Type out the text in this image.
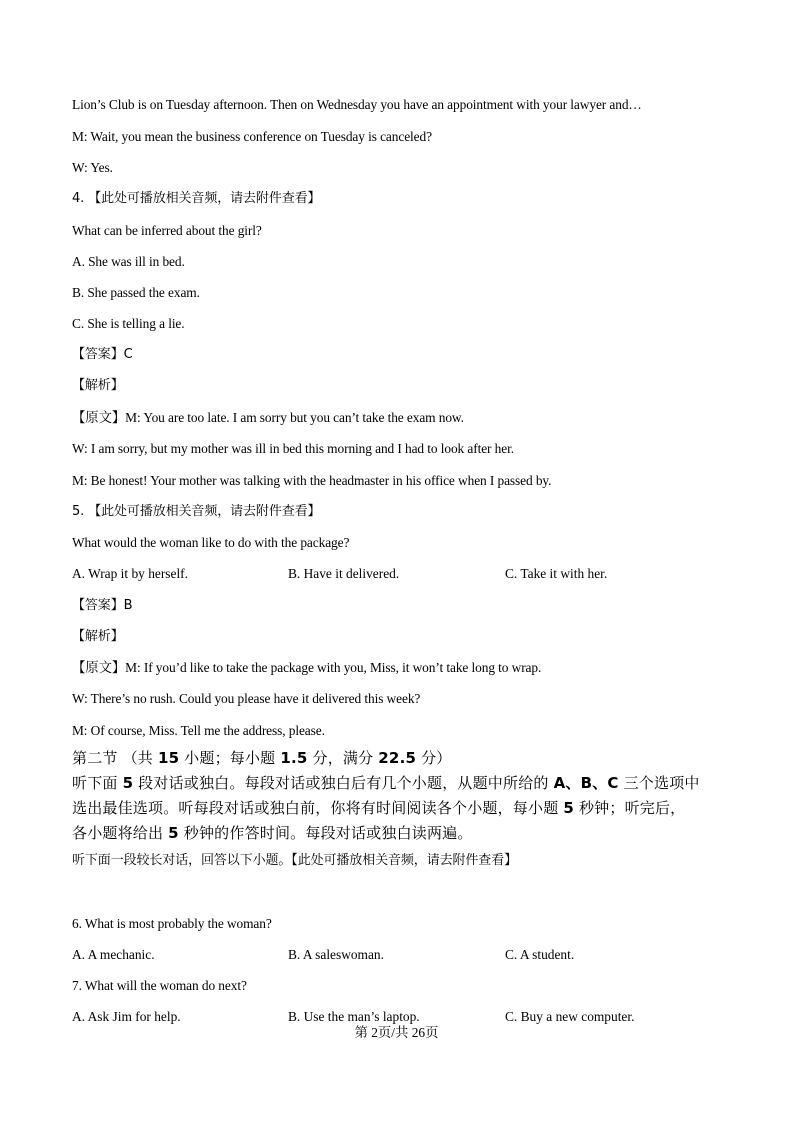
Lion’s Club is on Tuesday afternoon. Then on Wednesday you have an appointment with your lawyer and…
M: Wait, you mean the business conference on Tuesday is canceled?
W: Yes.
4. 【此处可播放相关音频，请去附件查看】
What can be inferred about the girl?
A. She was ill in bed.
B. She passed the exam.
C. She is telling a lie.
【答案】C
【解析】
【原文】M: You are too late. I am sorry but you can’t take the exam now.
W: I am sorry, but my mother was ill in bed this morning and I had to look after her.
M: Be honest! Your mother was talking with the headmaster in his office when I passed by.
5. 【此处可播放相关音频，请去附件查看】
What would the woman like to do with the package?
A. Wrap it by herself.	B. Have it delivered.	C. Take it with her.
【答案】B
【解析】
【原文】M: If you’d like to take the package with you, Miss, it won’t take long to wrap.
W: There’s no rush. Could you please have it delivered this week?
M: Of course, Miss. Tell me the address, please.
第二节 （共 15 小题；每小题 1.5 分，满分 22.5 分）
听下面 5 段对话或独白。每段对话或独白后有几个小题，从题中所给的 A、B、C 三个选项中
选出最佳选项。听每段对话或独白前，你将有时间阅读各个小题，每小题 5 秒钟；听完后，
各小题将给出 5 秒钟的作答时间。每段对话或独白读两遍。
听下面一段较长对话，回答以下小题。【此处可播放相关音频，请去附件查看】
6. What is most probably the woman?
A. A mechanic.	B. A saleswoman.	C. A student.
7. What will the woman do next?
A. Ask Jim for help.	B. Use the man’s laptop.	C. Buy a new computer.
第 2页/共 26页
